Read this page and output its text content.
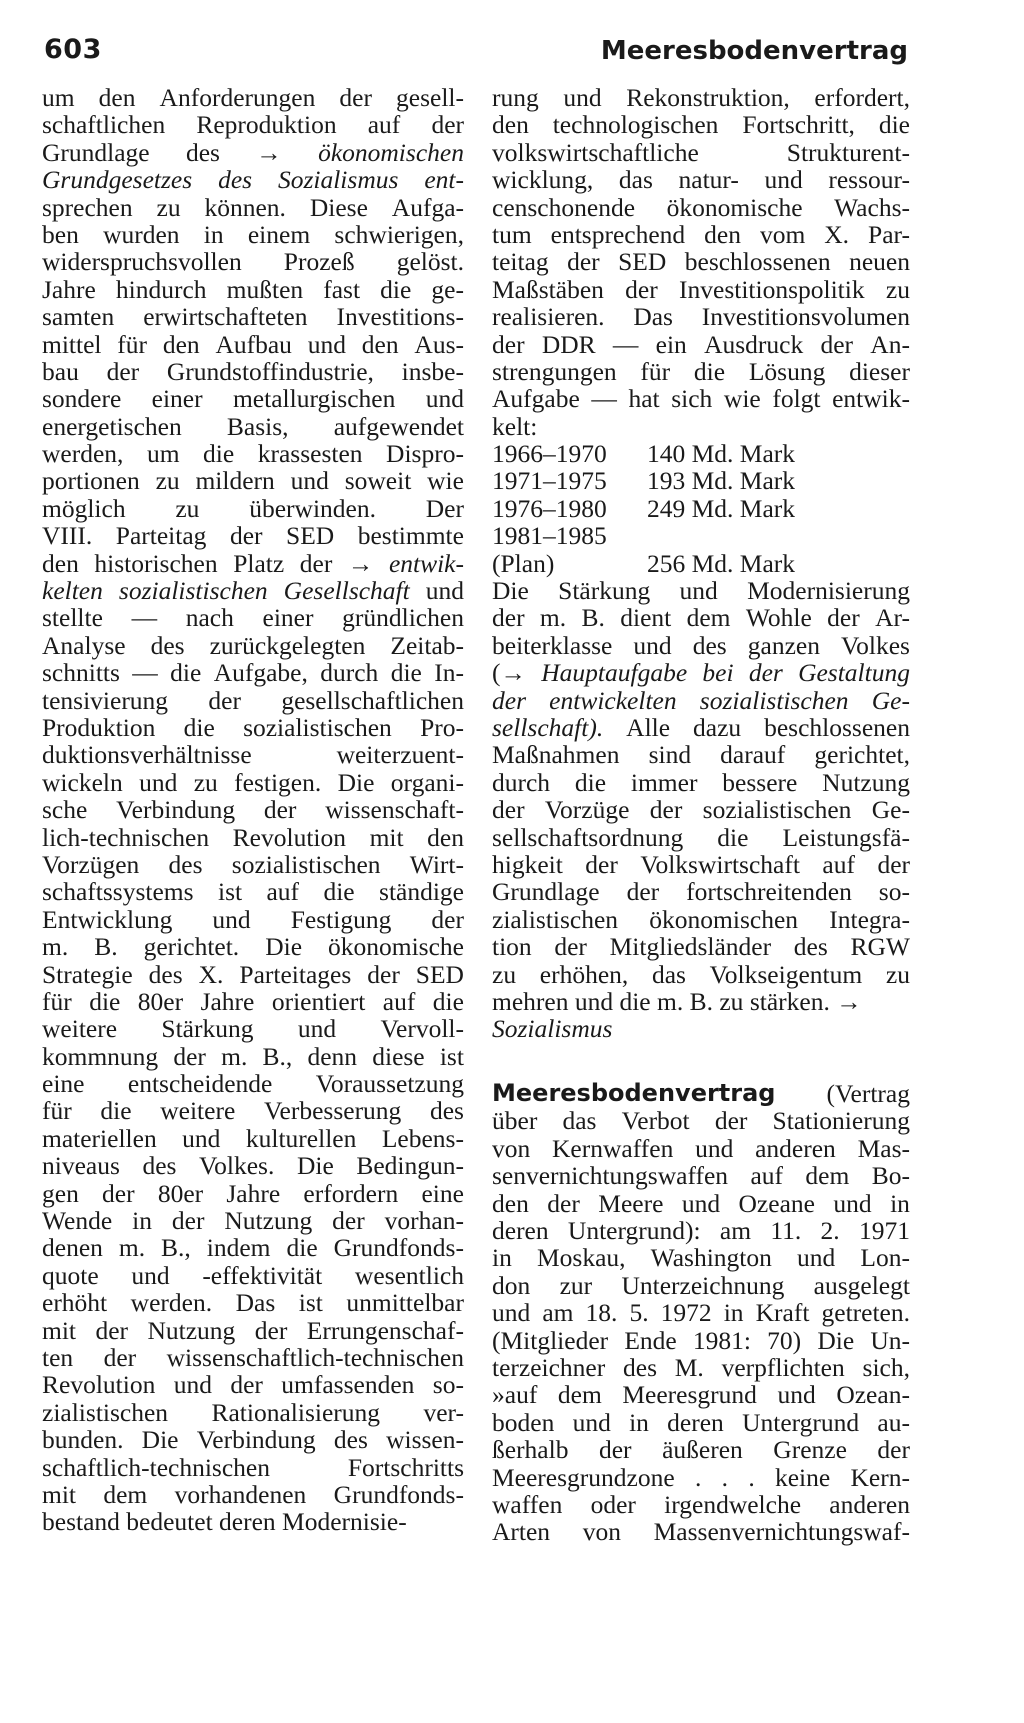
603	Meeresbodenvertrag
um den Anforderungen der gesell-
schaftlichen Reproduktion auf der
Grundlage des → ökonomischen
Grundgesetzes des Sozialismus ent-
sprechen zu können. Diese Aufga-
ben wurden in einem schwierigen,
widerspruchsvollen Prozeß gelöst.
Jahre hindurch mußten fast die ge-
samten erwirtschafteten Investitions-
mittel für den Aufbau und den Aus-
bau der Grundstoffindustrie, insbe-
sondere einer metallurgischen und
energetischen Basis, aufgewendet
werden, um die krassesten Dispro-
portionen zu mildern und soweit wie
möglich zu überwinden. Der
VIII. Parteitag der SED bestimmte
den historischen Platz der → entwik-
kelten sozialistischen Gesellschaft und
stellte — nach einer gründlichen
Analyse des zurückgelegten Zeitab-
schnitts — die Aufgabe, durch die In-
tensivierung der gesellschaftlichen
Produktion die sozialistischen Pro-
duktionsverhältnisse	weiterzuent-
wickeln und zu festigen. Die organi-
sche Verbindung der wissenschaft-
lich-technischen Revolution mit den
Vorzügen des sozialistischen Wirt-
schaftssystems ist auf die ständige
Entwicklung und Festigung der
m. B. gerichtet. Die ökonomische
Strategie des X. Parteitages der SED
für die 80er Jahre orientiert auf die
weitere Stärkung und Vervoll-
kommnung der m. B., denn diese ist
eine entscheidende Voraussetzung
für die weitere Verbesserung des
materiellen und kulturellen Lebens-
niveaus des Volkes. Die Bedingun-
gen der 80er Jahre erfordern eine
Wende in der Nutzung der vorhan-
denen m. B., indem die Grundfonds-
quote und -effektivität wesentlich
erhöht werden. Das ist unmittelbar
mit der Nutzung der Errungenschaf-
ten der wissenschaftlich-technischen
Revolution und der umfassenden so-
zialistischen Rationalisierung ver-
bunden. Die Verbindung des wissen-
schaftlich-technischen	Fortschritts
mit dem vorhandenen Grundfonds-
bestand
bedeutet
deren
Modernisie-
rung und Rekonstruktion, erfordert,
den technologischen Fortschritt, die
volkswirtschaftliche	Strukturent-
wicklung, das natur- und ressour-
censchonende ökonomische Wachs-
tum entsprechend den vom X. Par-
teitag der SED beschlossenen neuen
Maßstäben der Investitionspolitik zu
realisieren. Das Investitionsvolumen
der DDR — ein Ausdruck der An-
strengungen für die Lösung dieser
Aufgabe — hat sich wie folgt entwik-
kelt:
1966–1970	140 Md. Mark
1971–1975	193 Md. Mark
1976–1980	249 Md. Mark
1981–1985
(Plan)	256 Md. Mark
Die Stärkung und Modernisierung
der m. B. dient dem Wohle der Ar-
beiterklasse und des ganzen Volkes
(→ Hauptaufgabe bei der Gestaltung
der entwickelten sozialistischen Ge-
sellschaft). Alle dazu beschlossenen
Maßnahmen sind darauf gerichtet,
durch die immer bessere Nutzung
der Vorzüge der sozialistischen Ge-
sellschaftsordnung die Leistungsfä-
higkeit der Volkswirtschaft auf der
Grundlage der fortschreitenden so-
zialistischen ökonomischen Integra-
tion der Mitgliedsländer des RGW
zu erhöhen, das Volkseigentum zu
mehren
und
die
m.
B.
zu
stärken.
→
Sozialismus
Meeresbodenvertrag (Vertrag
über das Verbot der Stationierung
von Kernwaffen und anderen Mas-
senvernichtungswaffen auf dem Bo-
den der Meere und Ozeane und in
deren Untergrund): am 11. 2. 1971
in Moskau, Washington und Lon-
don zur Unterzeichnung ausgelegt
und am 18. 5. 1972 in Kraft getreten.
(Mitglieder Ende 1981: 70) Die Un-
terzeichner des M. verpflichten sich,
»auf dem Meeresgrund und Ozean-
boden und in deren Untergrund au-
ßerhalb der äußeren Grenze der
Meeresgrundzone . . . keine Kern-
waffen oder irgendwelche anderen
Arten von Massenvernichtungswaf-
